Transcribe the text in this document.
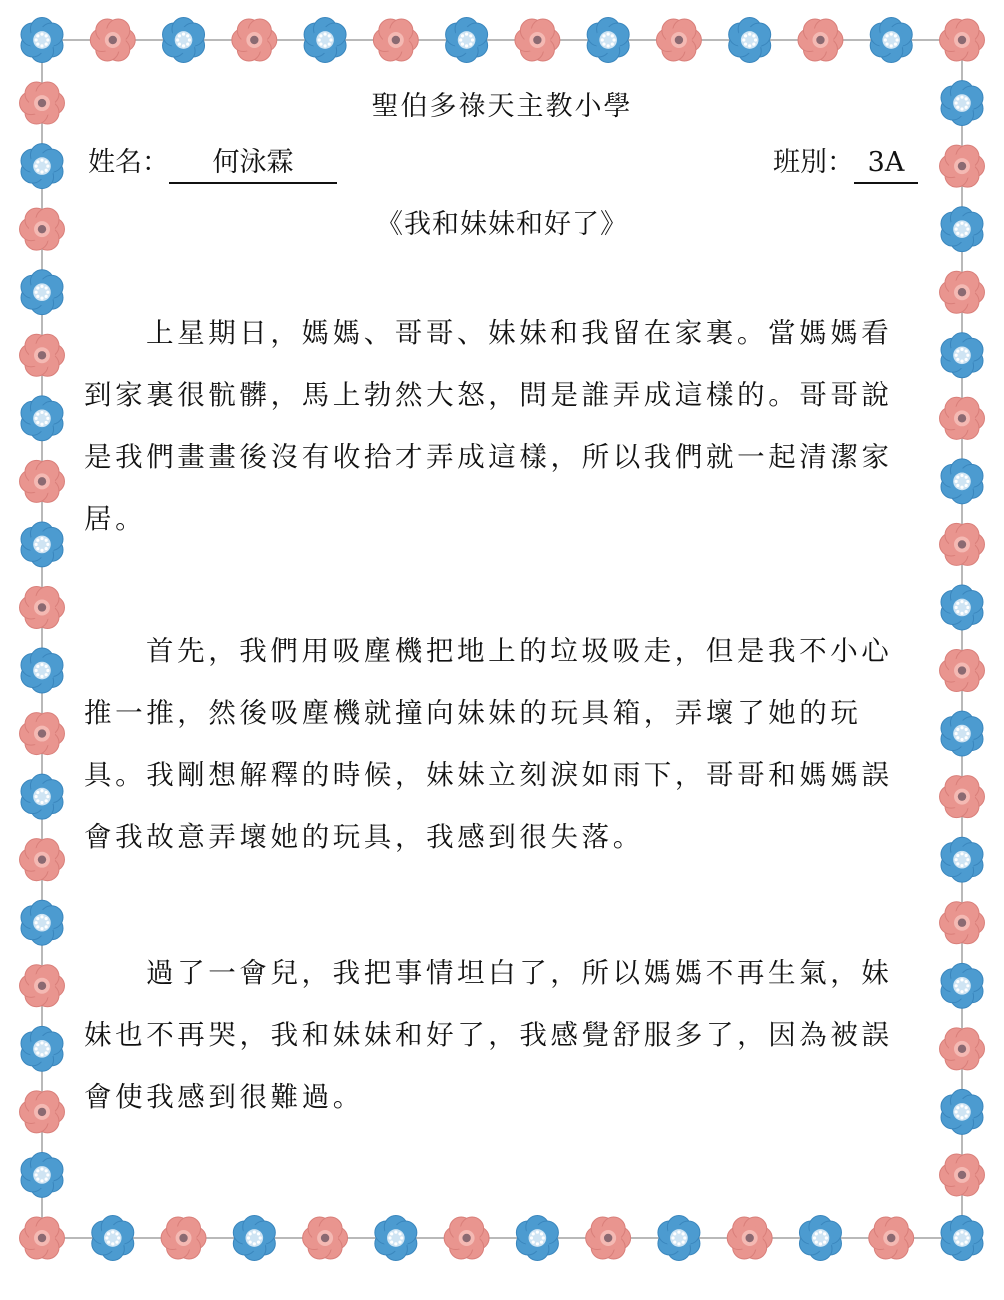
聖伯多祿天主教小學
姓名： 何泳霖	班別： 3A
《我和妹妹和好了》

上星期日，媽媽、哥哥、妹妹和我留在家裏。當媽媽看到家裏很骯髒，馬上勃然大怒，問是誰弄成這樣的。哥哥說是我們畫畫後沒有收拾才弄成這樣，所以我們就一起清潔家居。

首先，我們用吸塵機把地上的垃圾吸走，但是我不小心推一推，然後吸塵機就撞向妹妹的玩具箱，弄壞了她的玩具。我剛想解釋的時候，妹妹立刻淚如雨下，哥哥和媽媽誤會我故意弄壞她的玩具，我感到很失落。

過了一會兒，我把事情坦白了，所以媽媽不再生氣，妹妹也不再哭，我和妹妹和好了，我感覺舒服多了，因為被誤會使我感到很難過。
